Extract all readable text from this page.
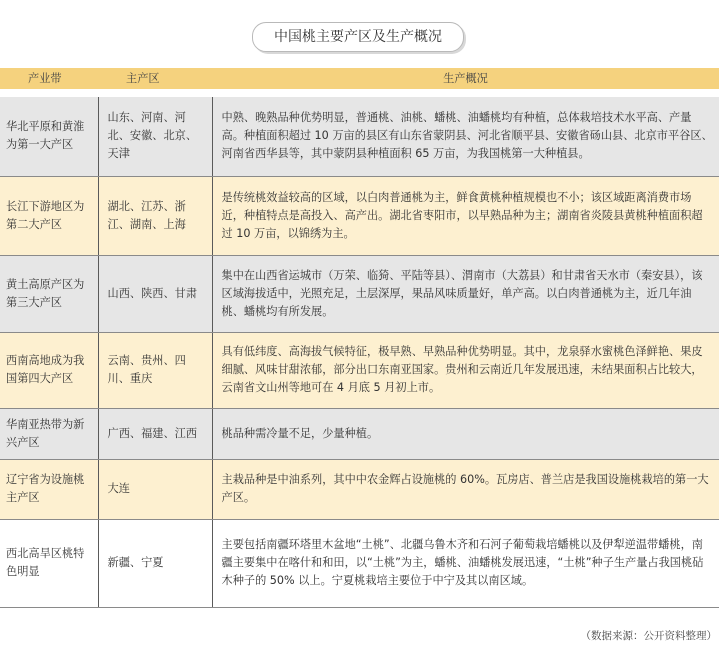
中国桃主要产区及生产概况
产业带	主产区	生产概况

华北平原和黄淮为第一大产区	山东、河南、河北、安徽、北京、天津	中熟、晚熟品种优势明显，普通桃、油桃、蟠桃、油蟠桃均有种植，总体栽培技术水平高、产量高。种植面积超过 10 万亩的县区有山东省蒙阴县、河北省顺平县、安徽省砀山县、北京市平谷区、河南省西华县等，其中蒙阴县种植面积 65 万亩，为我国桃第一大种植县。
长江下游地区为第二大产区	湖北、江苏、浙江、湖南、上海	是传统桃效益较高的区域，以白肉普通桃为主，鲜食黄桃种植规模也不小；该区域距离消费市场近，种植特点是高投入、高产出。湖北省枣阳市，以早熟品种为主；湖南省炎陵县黄桃种植面积超过 10 万亩，以锦绣为主。
黄土高原产区为第三大产区	山西、陕西、甘肃	集中在山西省运城市（万荣、临猗、平陆等县）、渭南市（大荔县）和甘肃省天水市（秦安县），该区域海拔适中，光照充足，土层深厚，果品风味质量好，单产高。以白肉普通桃为主，近几年油桃、蟠桃均有所发展。
西南高地成为我国第四大产区	云南、贵州、四川、重庆	具有低纬度、高海拔气候特征，极早熟、早熟品种优势明显。其中，龙泉驿水蜜桃色泽鲜艳、果皮细腻、风味甘甜浓郁，部分出口东南亚国家。贵州和云南近几年发展迅速，未结果面积占比较大，云南省文山州等地可在 4 月底 5 月初上市。
华南亚热带为新兴产区	广西、福建、江西	桃品种需冷量不足，少量种植。
辽宁省为设施桃主产区	大连	主栽品种是中油系列，其中中农金辉占设施桃的 60%。瓦房店、普兰店是我国设施桃栽培的第一大产区。
西北高旱区桃特色明显	新疆、宁夏	主要包括南疆环塔里木盆地“土桃”、北疆乌鲁木齐和石河子葡萄栽培蟠桃以及伊犁逆温带蟠桃，南疆主要集中在喀什和和田，以“土桃”为主，蟠桃、油蟠桃发展迅速，“土桃”种子生产量占我国桃砧木种子的 50% 以上。宁夏桃栽培主要位于中宁及其以南区域。
（数据来源：公开资料整理）
